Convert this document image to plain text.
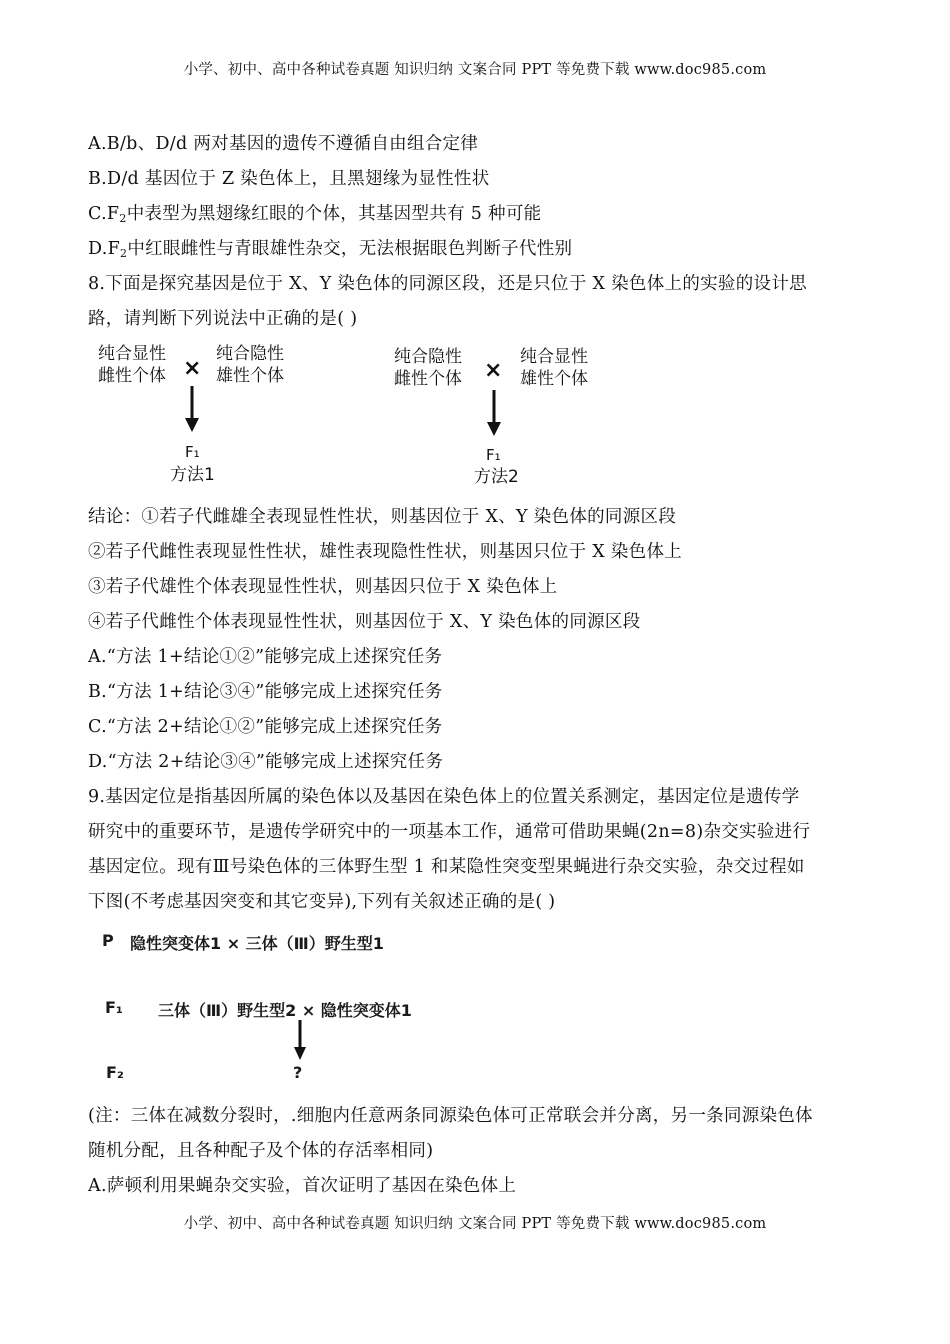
小学、初中、高中各种试卷真题 知识归纳 文案合同 PPT 等免费下载 www.doc985.com
A.B/b、D/d 两对基因的遗传不遵循自由组合定律
B.D/d 基因位于 Z 染色体上，且黑翅缘为显性性状
$C.F_2$中表型为黑翅缘红眼的个体，其基因型共有 5 种可能
$D.F_2$中红眼雌性与青眼雄性杂交，无法根据眼色判断子代性别
8.下面是探究基因是位于 X、Y 染色体的同源区段，还是只位于 X 染色体上的实验的设计思
路，请判断下列说法中正确的是( )
纯合显性
雌性个体 ×
纯合隐性
雄性个体
F₁
方法1
纯合隐性
雌性个体 ×
纯合显性
雄性个体
F₁
方法2
结论：①若子代雌雄全表现显性性状，则基因位于 X、Y 染色体的同源区段
②若子代雌性表现显性性状，雄性表现隐性性状，则基因只位于 X 染色体上
③若子代雄性个体表现显性性状，则基因只位于 X 染色体上
④若子代雌性个体表现显性性状，则基因位于 X、Y 染色体的同源区段
A.“方法 1+结论①②”能够完成上述探究任务
B.“方法 1+结论③④”能够完成上述探究任务
C.“方法 2+结论①②”能够完成上述探究任务
D.“方法 2+结论③④”能够完成上述探究任务
9.基因定位是指基因所属的染色体以及基因在染色体上的位置关系测定，基因定位是遗传学
研究中的重要环节，是遗传学研究中的一项基本工作，通常可借助果蝇(2n=8)杂交实验进行
基因定位。现有Ⅲ号染色体的三体野生型 1 和某隐性突变型果蝇进行杂交实验，杂交过程如
下图(不考虑基因突变和其它变异),下列有关叙述正确的是( )
P 隐性突变体1 × 三体（Ⅲ）野生型1
F₁ 三体（Ⅲ）野生型2 × 隐性突变体1
F₂	?
(注：三体在减数分裂时，.细胞内任意两条同源染色体可正常联会并分离，另一条同源染色体
随机分配，且各种配子及个体的存活率相同)
A.萨顿利用果蝇杂交实验，首次证明了基因在染色体上
小学、初中、高中各种试卷真题 知识归纳 文案合同 PPT 等免费下载 www.doc985.com
